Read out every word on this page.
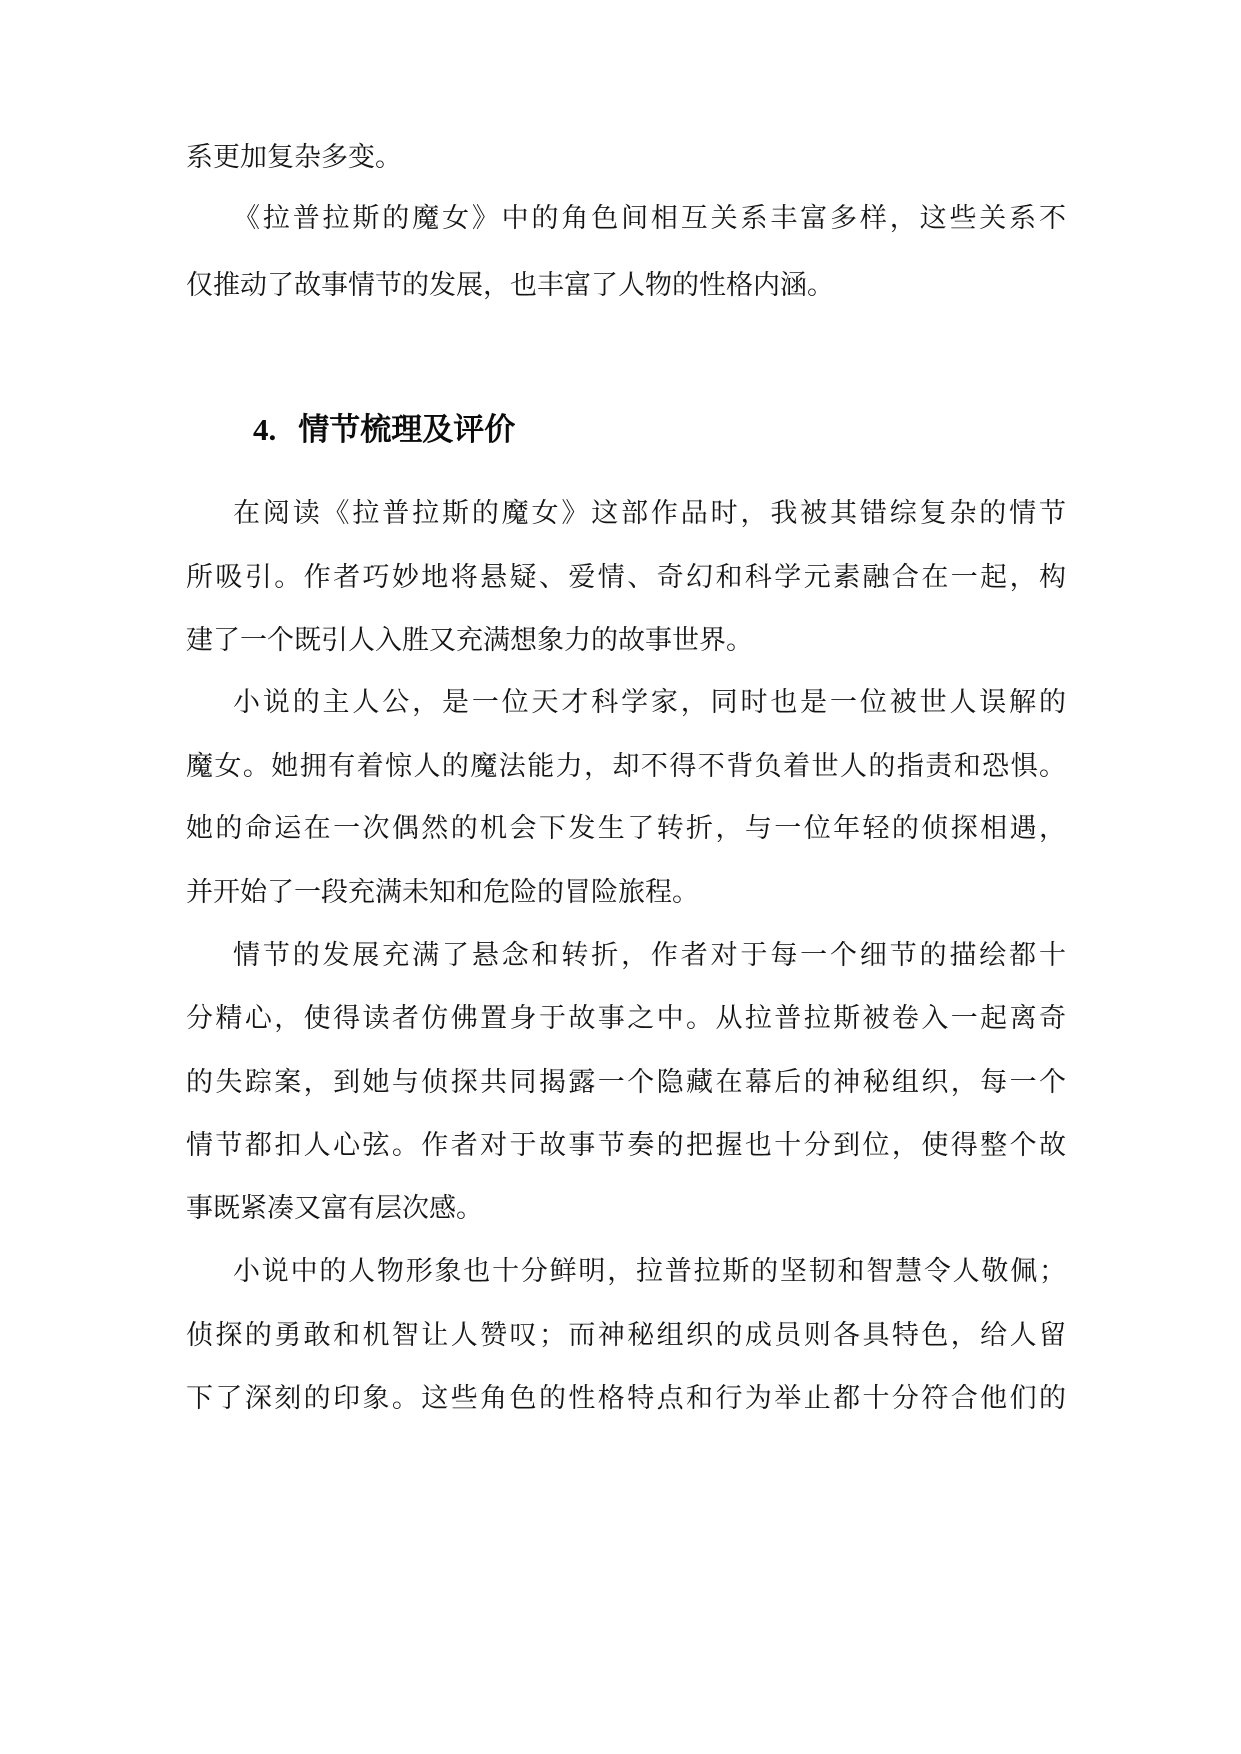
系更加复杂多变。

《拉普拉斯的魔女》中的角色间相互关系丰富多样，这些关系不

仅推动了故事情节的发展，也丰富了人物的性格内涵。

4. 情节梳理及评价

在阅读《拉普拉斯的魔女》这部作品时，我被其错综复杂的情节

所吸引。作者巧妙地将悬疑、爱情、奇幻和科学元素融合在一起，构

建了一个既引人入胜又充满想象力的故事世界。

小说的主人公，是一位天才科学家，同时也是一位被世人误解的

魔女。她拥有着惊人的魔法能力，却不得不背负着世人的指责和恐惧。

她的命运在一次偶然的机会下发生了转折，与一位年轻的侦探相遇，

并开始了一段充满未知和危险的冒险旅程。

情节的发展充满了悬念和转折，作者对于每一个细节的描绘都十

分精心，使得读者仿佛置身于故事之中。从拉普拉斯被卷入一起离奇

的失踪案，到她与侦探共同揭露一个隐藏在幕后的神秘组织，每一个

情节都扣人心弦。作者对于故事节奏的把握也十分到位，使得整个故

事既紧凑又富有层次感。

小说中的人物形象也十分鲜明，拉普拉斯的坚韧和智慧令人敬佩；

侦探的勇敢和机智让人赞叹；而神秘组织的成员则各具特色，给人留

下了深刻的印象。这些角色的性格特点和行为举止都十分符合他们的
